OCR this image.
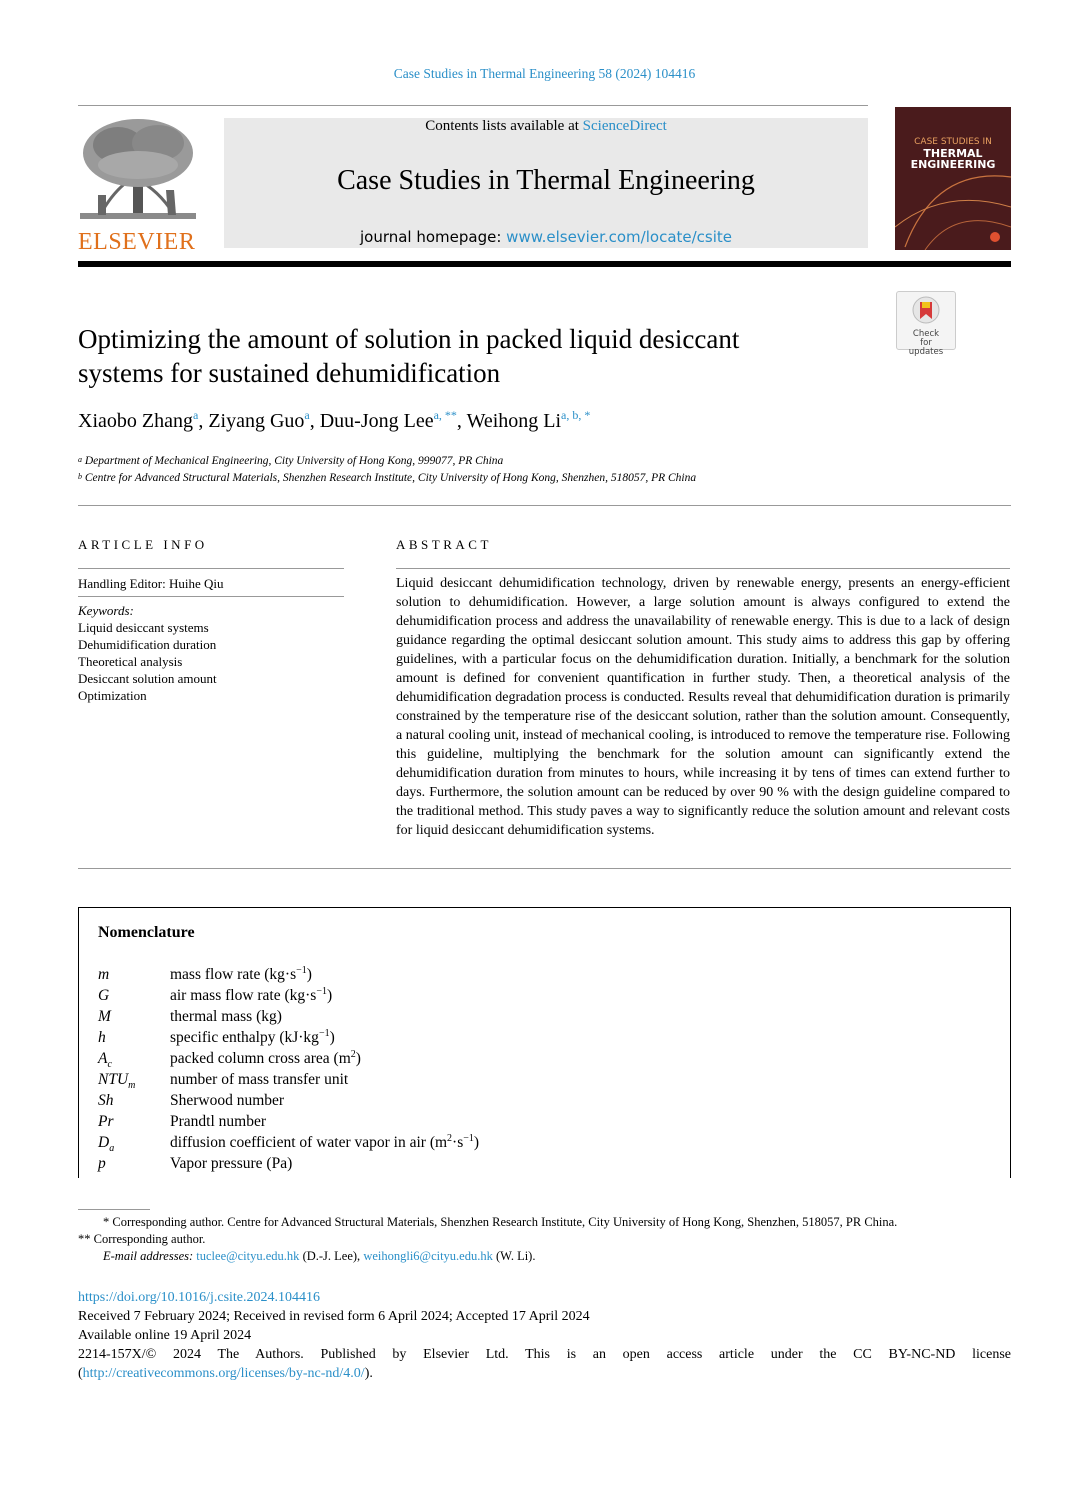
Case Studies in Thermal Engineering 58 (2024) 104416
ELSEVIER
Contents lists available at ScienceDirect
Case Studies in Thermal Engineering
journal homepage: www.elsevier.com/locate/csite
CASE STUDIES IN
THERMAL
ENGINEERING
Optimizing the amount of solution in packed liquid desiccant
systems for sustained dehumidification
Check for updates
Xiaobo Zhang$^a$, Ziyang Guo$^a$, Duu-Jong Lee$^{a, **}$, Weihong $Li^{a, b, *}$
$^a$ Department of Mechanical Engineering, City University of Hong Kong, 999077, PR China
$^b$ Centre for Advanced Structural Materials, Shenzhen Research Institute, City University of Hong Kong, Shenzhen, 518057, PR China
ARTICLE INFO
Handling Editor: Huihe Qiu
Keywords:
Liquid desiccant systems
Dehumidification duration
Theoretical analysis
Desiccant solution amount
Optimization
ABSTRACT
Liquid desiccant dehumidification technology, driven by renewable energy, presents an energy-efficient solution to dehumidification. However, a large solution amount is always configured to extend the dehumidification process and address the unavailability of renewable energy. This is due to a lack of design guidance regarding the optimal desiccant solution amount. This study aims to address this gap by offering guidelines, with a particular focus on the dehumidification duration. Initially, a benchmark for the solution amount is defined for convenient quantification in further study. Then, a theoretical analysis of the dehumidification degradation process is conducted. Results reveal that dehumidification duration is primarily constrained by the temperature rise of the desiccant solution, rather than the solution amount. Consequently, a natural cooling unit, instead of mechanical cooling, is introduced to remove the temperature rise. Following this guideline, multiplying the benchmark for the solution amount can significantly extend the dehumidification duration from minutes to hours, while increasing it by tens of times can extend further to days. Furthermore, the solution amount can be reduced by over 90 % with the design guideline compared to the traditional method. This study paves a way to significantly reduce the solution amount and relevant costs for liquid desiccant dehumidification systems.
Nomenclature
m	mass flow rate $(kg\cdot s^{-1})$
G	air mass flow rate $(kg\cdot s^{-1})$
M	thermal mass (kg)
h	specific enthalpy $(kJ\cdot kg^{-1})$
$A_c$	packed column cross area $(m^2)$
$NTU_m$ number of mass transfer unit
Sh	Sherwood number
Pr	Prandtl number
$D_a$	diffusion coefficient of water vapor in air $(m^2\cdot s^{-1})$
p	Vapor pressure (Pa)
* Corresponding author. Centre for Advanced Structural Materials, Shenzhen Research Institute, City University of Hong Kong, Shenzhen, 518057, PR China.
** Corresponding author.
E-mail addresses: tuclee@cityu.edu.hk (D.-J. Lee), weihongli6@cityu.edu.hk (W. Li).
https://doi.org/10.1016/j.csite.2024.104416
Received 7 February 2024; Received in revised form 6 April 2024; Accepted 17 April 2024
Available online 19 April 2024
2214-157X/© 2024 The Authors. Published by Elsevier Ltd. This is an open access article under the CC BY-NC-ND license
(http://creativecommons.org/licenses/by-nc-nd/4.0/).
